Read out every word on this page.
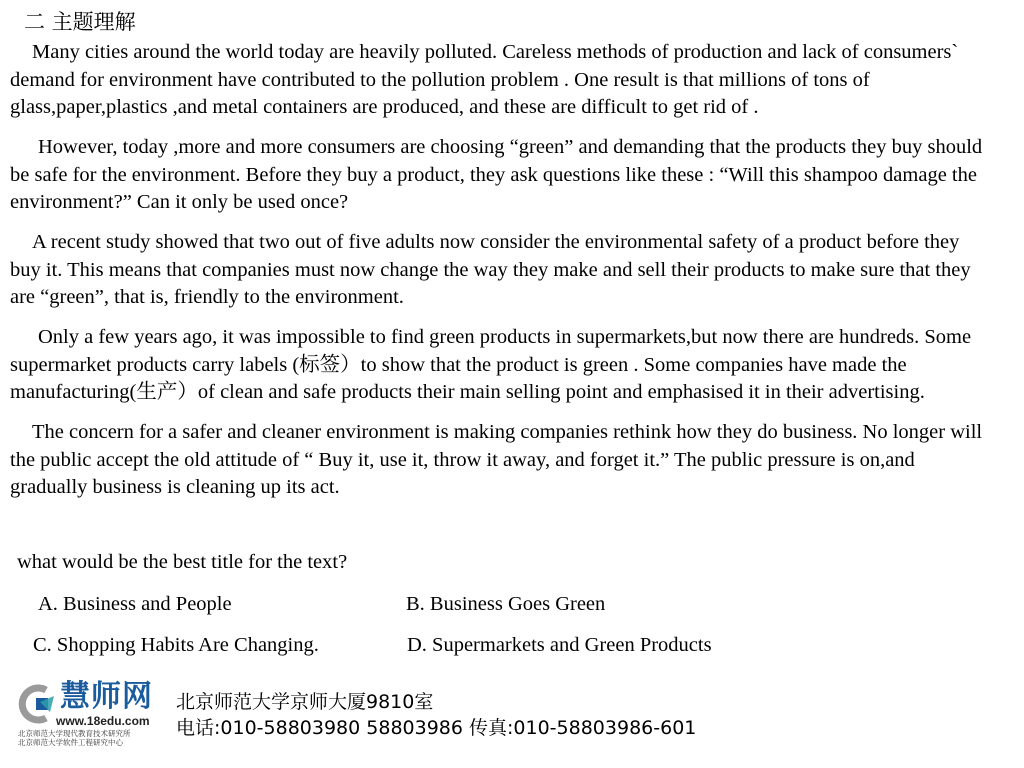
二 主题理解

Many cities around the world today are heavily polluted. Careless methods of production and lack of consumers` demand for environment have contributed to the pollution problem . One result is that millions of tons of glass,paper,plastics ,and metal containers are produced, and these are difficult to get rid of .

However, today ,more and more consumers are choosing “green” and demanding that the products they buy should be safe for the environment. Before they buy a product, they ask questions like these : “Will this shampoo damage the environment?” Can it only be used once?

A recent study showed that two out of five adults now consider the environmental safety of a product before they buy it. This means that companies must now change the way they make and sell their products to make sure that they are “green”, that is, friendly to the environment.

Only a few years ago, it was impossible to find green products in supermarkets,but now there are hundreds. Some supermarket products carry labels (标签）to show that the product is green . Some companies have made the manufacturing(生产）of clean and safe products their main selling point and emphasised it in their advertising.

The concern for a safer and cleaner environment is making companies rethink how they do business. No longer will the public accept the old attitude of “ Buy it, use it, throw it away, and forget it.” The public pressure is on,and gradually business is cleaning up its act.

what would be the best title for the text?
A. Business and People	B. Business Goes Green
C. Shopping Habits Are Changing.	D. Supermarkets and Green Products
慧师网
www.18edu.com
北京师范大学现代教育技术研究所
北京师范大学软件工程研究中心
北京师范大学京师大厦9810室
电话:010-58803980 58803986 传真:010-58803986-601
